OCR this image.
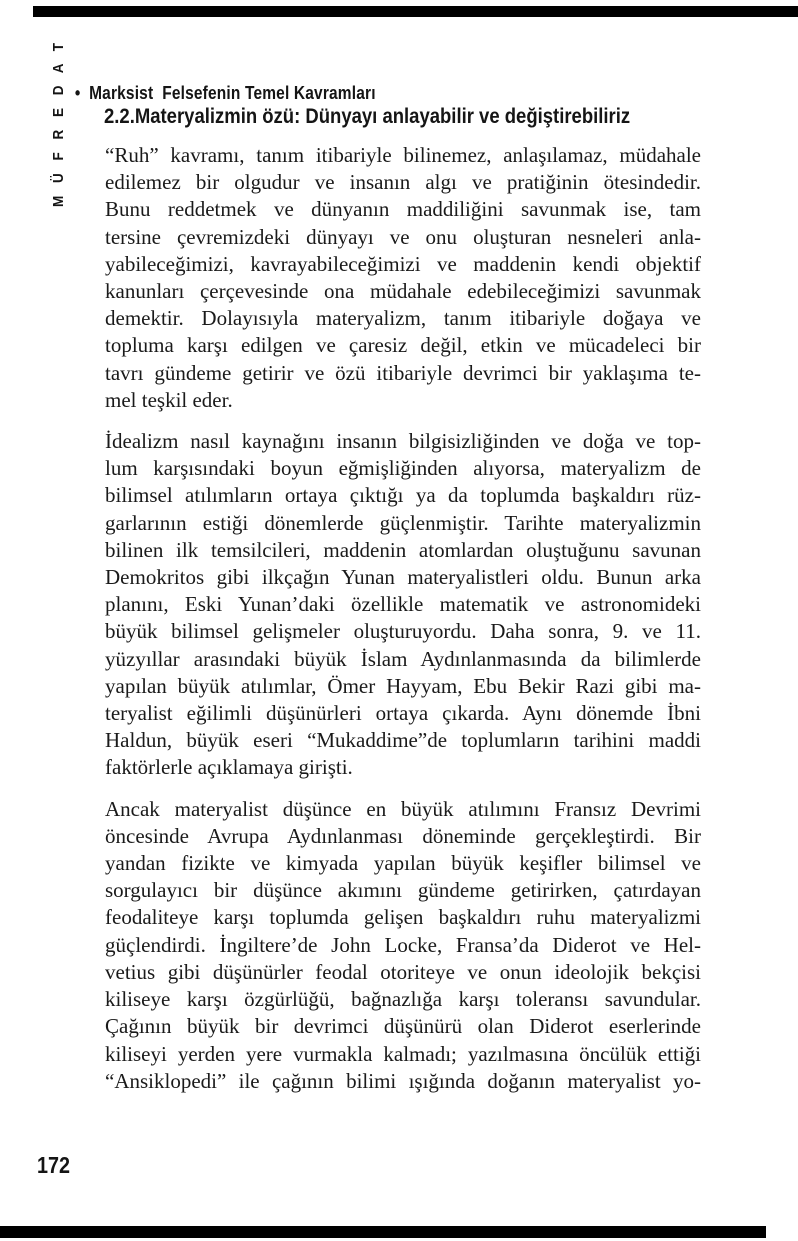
• Marksist  Felsefenin Temel Kavramları

M Ü F R E D A T 2.2.Materyalizmin özü: Dünyayı anlayabilir ve değiştirebiliriz
“Ruh” kavramı, tanım itibariyle bilinemez, anlaşılamaz, müdahale
edilemez bir olgudur ve insanın algı ve pratiğinin ötesindedir.
Bunu reddetmek ve dünyanın maddiliğini savunmak ise, tam
tersine çevremizdeki dünyayı ve onu oluşturan nesneleri anla-
yabileceğimizi, kavrayabileceğimizi ve maddenin kendi objektif
kanunları çerçevesinde ona müdahale edebileceğimizi savunmak
demektir. Dolayısıyla materyalizm, tanım itibariyle doğaya ve
topluma karşı edilgen ve çaresiz değil, etkin ve mücadeleci bir
tavrı gündeme getirir ve özü itibariyle devrimci bir yaklaşıma te-
mel teşkil eder.
İdealizm nasıl kaynağını insanın bilgisizliğinden ve doğa ve top-
lum karşısındaki boyun eğmişliğinden alıyorsa, materyalizm de
bilimsel atılımların ortaya çıktığı ya da toplumda başkaldırı rüz-
garlarının estiği dönemlerde güçlenmiştir. Tarihte materyalizmin
bilinen ilk temsilcileri, maddenin atomlardan oluştuğunu savunan
Demokritos gibi ilkçağın Yunan materyalistleri oldu. Bunun arka
planını, Eski Yunan’daki özellikle matematik ve astronomideki
büyük bilimsel gelişmeler oluşturuyordu. Daha sonra, 9. ve 11.
yüzyıllar arasındaki büyük İslam Aydınlanmasında da bilimlerde
yapılan büyük atılımlar, Ömer Hayyam, Ebu Bekir Razi gibi ma-
teryalist eğilimli düşünürleri ortaya çıkarda. Aynı dönemde İbni
Haldun, büyük eseri “Mukaddime”de toplumların tarihini maddi
faktörlerle açıklamaya girişti.
Ancak materyalist düşünce en büyük atılımını Fransız Devrimi
öncesinde Avrupa Aydınlanması döneminde gerçekleştirdi. Bir
yandan fizikte ve kimyada yapılan büyük keşifler bilimsel ve
sorgulayıcı bir düşünce akımını gündeme getirirken, çatırdayan
feodaliteye karşı toplumda gelişen başkaldırı ruhu materyalizmi
güçlendirdi. İngiltere’de John Locke, Fransa’da Diderot ve Hel-
vetius gibi düşünürler feodal otoriteye ve onun ideolojik bekçisi
kiliseye karşı özgürlüğü, bağnazlığa karşı toleransı savundular.
Çağının büyük bir devrimci düşünürü olan Diderot eserlerinde
kiliseyi yerden yere vurmakla kalmadı; yazılmasına öncülük ettiği
“Ansiklopedi” ile çağının bilimi ışığında doğanın materyalist yo-
172
